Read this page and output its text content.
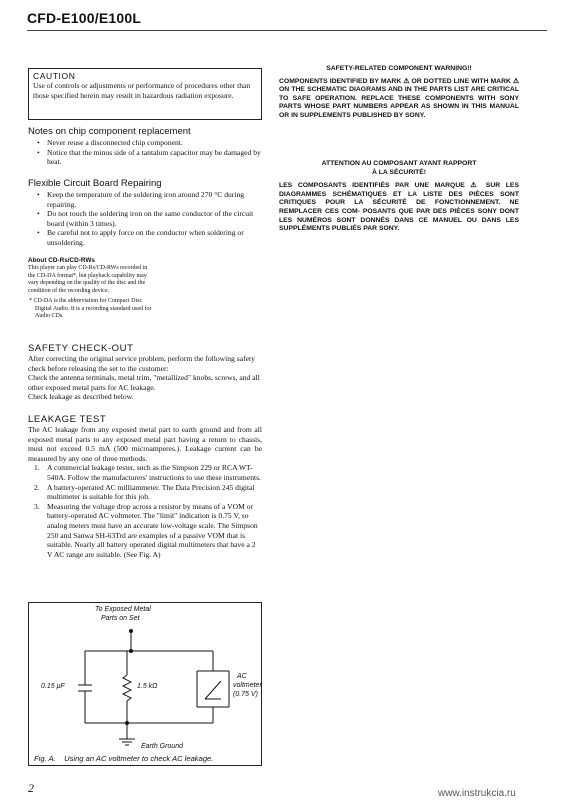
CFD-E100/E100L
CAUTION
Use of controls or adjustments or performance of procedures other than those specified herein may result in hazardous radiation exposure.
Notes on chip component replacement
• Never reuse a disconnected chip component.
• Notice that the minus side of a tantalum capacitor may be damaged by heat.
Flexible Circuit Board Repairing
• Keep the temperature of the soldering iron around 270 °C during repairing.
• Do not touch the soldering iron on the same conductor of the circuit board (within 3 times).
• Be careful not to apply force on the conductor when soldering or unsoldering.
About CD-Rs/CD-RWs
This player can play CD-Rs/CD-RWs recorded in the CD-DA format*, but playback capability may vary depending on the quality of the disc and the condition of the recording device.
* CD-DA is the abbreviation for Compact Disc Digital Audio. It is a recording standard used for Audio CDs.
SAFETY CHECK-OUT
After correcting the original service problem, perform the following safety check before releasing the set to the customer:
Check the antenna terminals, metal trim, "metallized" knobs, screws, and all other exposed metal parts for AC leakage.
Check leakage as described below.
LEAKAGE TEST
The AC leakage from any exposed metal part to earth ground and from all exposed metal parts to any exposed metal part having a return to chassis, must not exceed 0.5 mA (500 microamperes.). Leakage current can be measured by any one of three methods.
1. A commercial leakage tester, such as the Simpson 229 or RCA WT-540A. Follow the manufacturers' instructions to use these instruments.
2. A battery-operated AC milliammeter. The Data Precision 245 digital multimeter is suitable for this job.
3. Measuring the voltage drop across a resistor by means of a VOM or battery-operated AC voltmeter. The "limit" indication is 0.75 V, so analog meters must have an accurate low-voltage scale. The Simpson 250 and Sanwa SH-63Trd are examples of a passive VOM that is suitable. Nearly all battery operated digital multimeters that have a 2 V AC range are suitable. (See Fig. A)
To Exposed Metal
Parts on Set
0.15 μF	1.5 kΩ
AC
voltmeter
(0.75 V)
Earth Ground
Fig. A.    Using an AC voltmeter to check AC leakage.
SAFETY-RELATED COMPONENT WARNING!!
COMPONENTS IDENTIFIED BY MARK ⚠ OR DOTTED LINE WITH MARK ⚠ ON THE SCHEMATIC DIAGRAMS AND IN THE PARTS LIST ARE CRITICAL TO SAFE OPERATION. REPLACE THESE COMPONENTS WITH SONY PARTS WHOSE PART NUMBERS APPEAR AS SHOWN IN THIS MANUAL OR IN SUPPLEMENTS PUBLISHED BY SONY.
ATTENTION AU COMPOSANT AYANT RAPPORT
À LA SÉCURITÉ!
LES COMPOSANTS IDENTIFIÉS PAR UNE MARQUE ⚠ SUR LES DIAGRAMMES SCHÉMATIQUES ET LA LISTE DES PIÈCES SONT CRITIQUES POUR LA SÉCURITÉ DE FONCTIONNEMENT. NE REMPLACER CES COM- POSANTS QUE PAR DES PIÈCES SONY DONT LES NUMÉROS SONT DONNÉS DANS CE MANUEL OU DANS LES SUPPLÉMENTS PUBLIÉS PAR SONY.
2	www.instrukcia.ru
